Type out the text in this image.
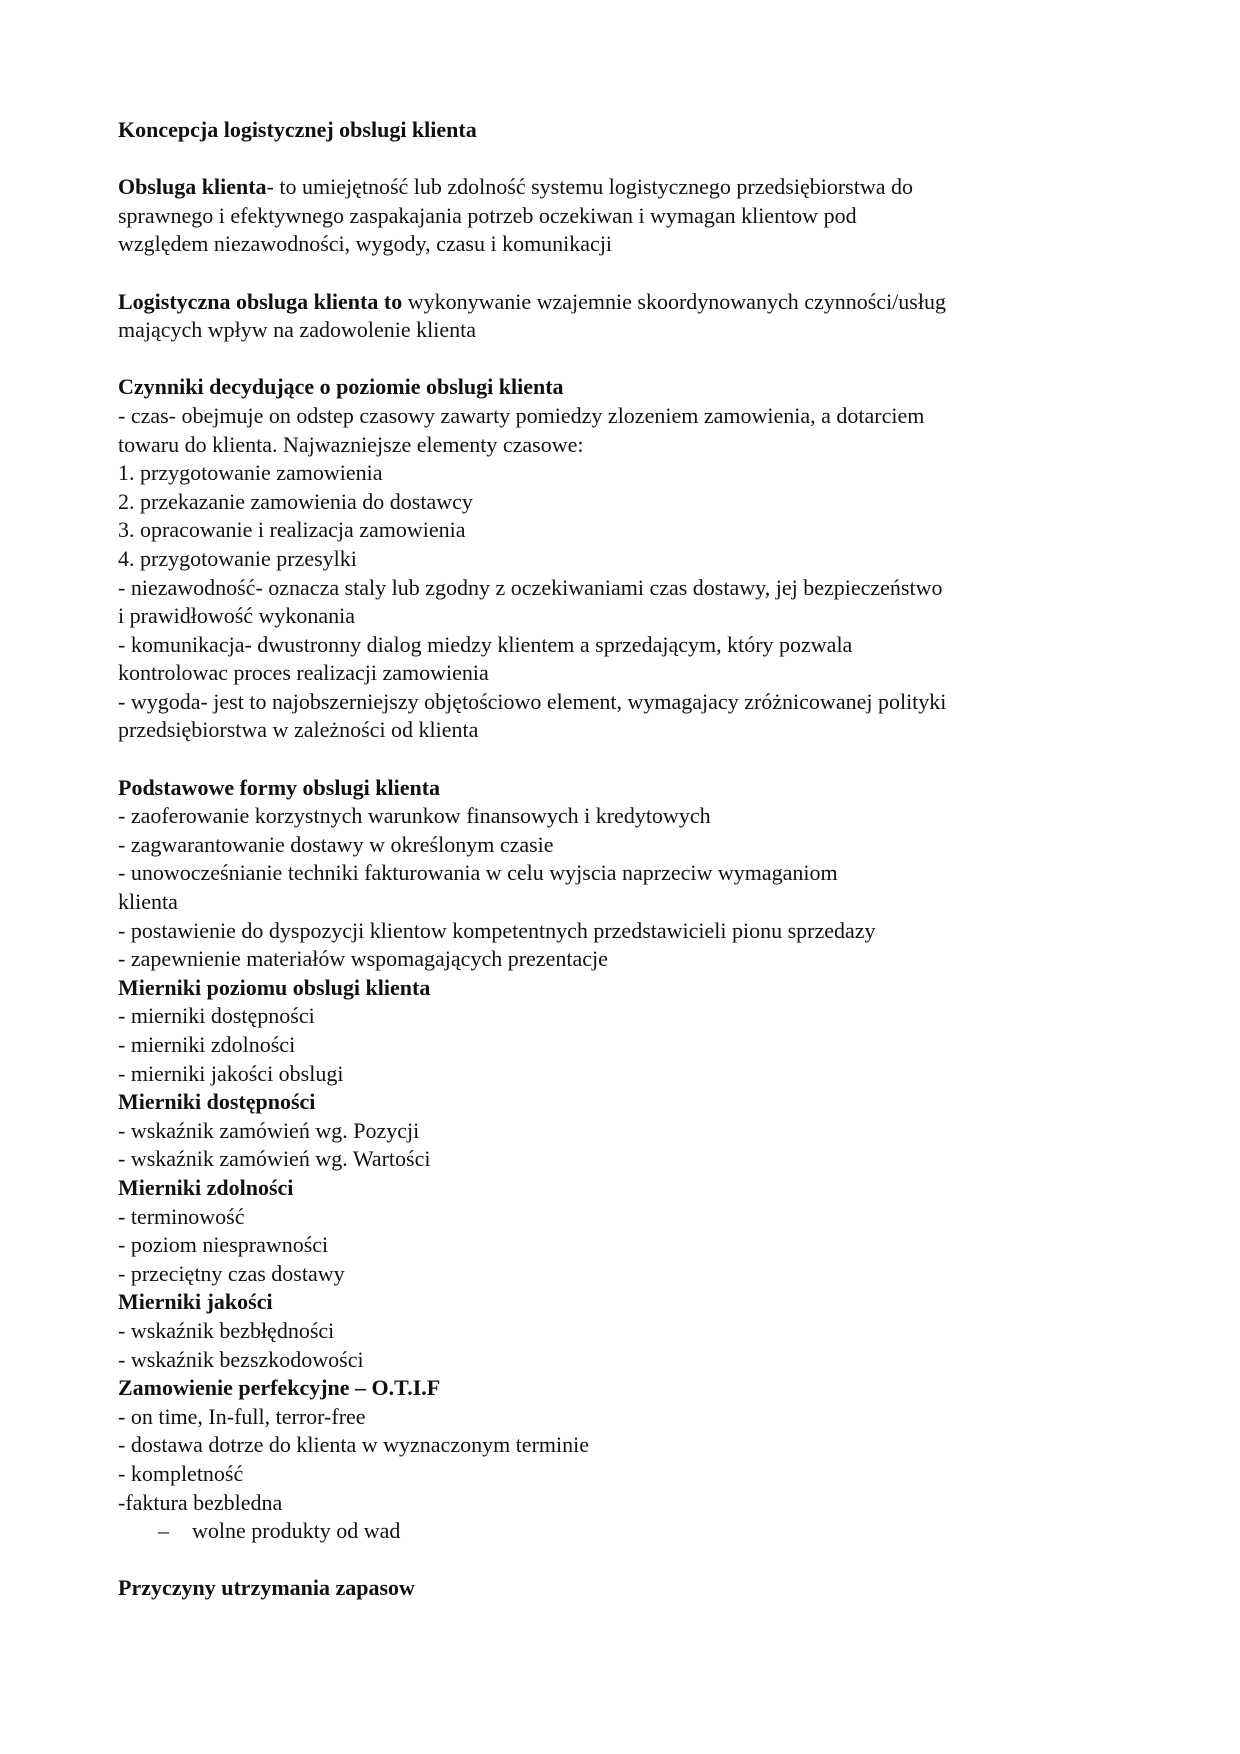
Koncepcja logistycznej obslugi klienta
Obsluga klienta- to umiejętność lub zdolność systemu logistycznego przedsiębiorstwa do
sprawnego i efektywnego zaspakajania potrzeb oczekiwan i wymagan klientow pod
względem niezawodności, wygody, czasu i komunikacji
Logistyczna obsluga klienta to wykonywanie wzajemnie skoordynowanych czynności/usług
mających wpływ na zadowolenie klienta
Czynniki decydujące o poziomie obslugi klienta
- czas- obejmuje on odstep czasowy zawarty pomiedzy zlozeniem zamowienia, a dotarciem
towaru do klienta. Najwazniejsze elementy czasowe:
1. przygotowanie zamowienia
2. przekazanie zamowienia do dostawcy
3. opracowanie i realizacja zamowienia
4. przygotowanie przesylki
- niezawodność- oznacza staly lub zgodny z oczekiwaniami czas dostawy, jej bezpieczeństwo
i prawidłowość wykonania
- komunikacja- dwustronny dialog miedzy klientem a sprzedającym, który pozwala
kontrolowac proces realizacji zamowienia
- wygoda- jest to najobszerniejszy objętościowo element, wymagajacy zróżnicowanej polityki
przedsiębiorstwa w zależności od klienta
Podstawowe formy obslugi klienta
- zaoferowanie korzystnych warunkow finansowych i kredytowych
- zagwarantowanie dostawy w określonym czasie
- unowocześnianie techniki fakturowania w celu wyjscia naprzeciw wymaganiom
klienta
- postawienie do dyspozycji klientow kompetentnych przedstawicieli pionu sprzedazy
- zapewnienie materiałów wspomagających prezentacje
Mierniki poziomu obslugi klienta
- mierniki dostępności
- mierniki zdolności
- mierniki jakości obslugi
Mierniki dostępności
- wskaźnik zamówień wg. Pozycji
- wskaźnik zamówień wg. Wartości
Mierniki zdolności
- terminowość
- poziom niesprawności
- przeciętny czas dostawy
Mierniki jakości
- wskaźnik bezbłędności
- wskaźnik bezszkodowości
Zamowienie perfekcyjne – O.T.I.F
- on time, In-full, terror-free
- dostawa dotrze do klienta w wyznaczonym terminie
- kompletność
-faktura bezbledna
– wolne produkty od wad
Przyczyny utrzymania zapasow
